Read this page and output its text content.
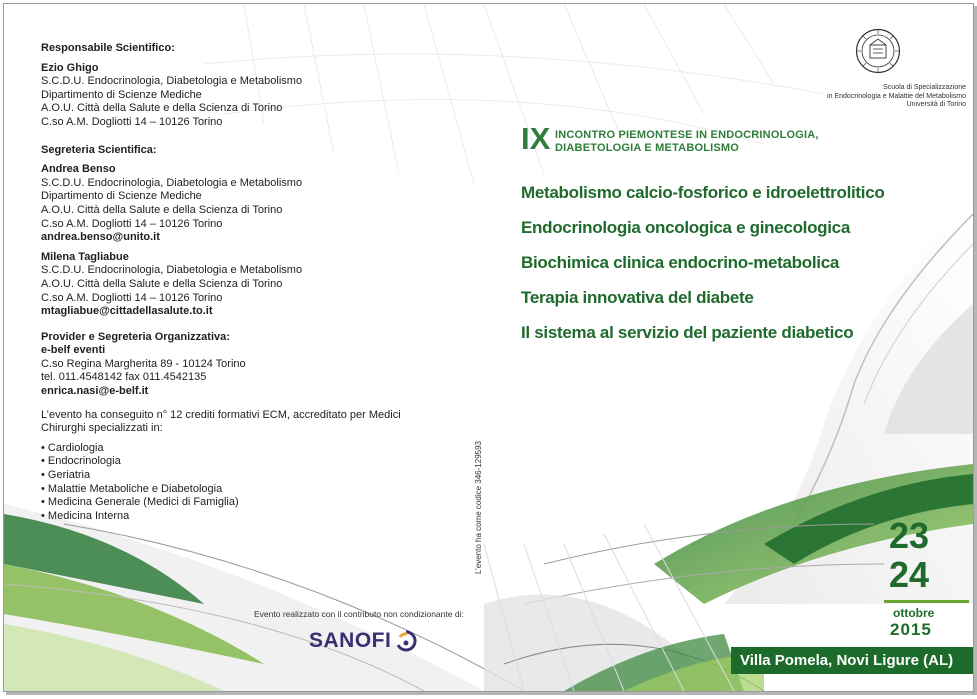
Responsabile Scientifico:
Ezio Ghigo
S.C.D.U. Endocrinologia, Diabetologia e Metabolismo
Dipartimento di Scienze Mediche
A.O.U. Città della Salute e della Scienza di Torino
C.so A.M. Dogliotti 14 – 10126 Torino
Segreteria Scientifica:
Andrea Benso
S.C.D.U. Endocrinologia, Diabetologia e Metabolismo
Dipartimento di Scienze Mediche
A.O.U. Città della Salute e della Scienza di Torino
C.so A.M. Dogliotti 14 – 10126 Torino
andrea.benso@unito.it
Milena Tagliabue
S.C.D.U. Endocrinologia, Diabetologia e Metabolismo
A.O.U. Città della Salute e della Scienza di Torino
C.so A.M. Dogliotti 14 – 10126 Torino
mtagliabue@cittadellasalute.to.it
Provider e Segreteria Organizzativa:
e-belf eventi
C.so Regina Margherita 89 - 10124 Torino
tel. 011.4548142 fax 011.4542135
enrica.nasi@e-belf.it
L’evento ha conseguito n° 12 crediti formativi ECM, accreditato per Medici Chirurghi specializzati in:
• Cardiologia
• Endocrinologia
• Geriatria
• Malattie Metaboliche e Diabetologia
• Medicina Generale (Medici di Famiglia)
• Medicina Interna	L’evento ha come codice 346-129593
Evento realizzato con il contributo non condizionante di:
SANOFI
Scuola di Specializzazione
in Endocrinologia e Malattie del Metabolismo
Università di Torino
IX INCONTRO PIEMONTESE IN ENDOCRINOLOGIA,
DIABETOLOGIA E METABOLISMO
Metabolismo calcio-fosforico e idroelettrolitico
Endocrinologia oncologica e ginecologica
Biochimica clinica endocrino-metabolica
Terapia innovativa del diabete
Il sistema al servizio del paziente diabetico
23
24
ottobre
2015
Villa Pomela, Novi Ligure (AL)
